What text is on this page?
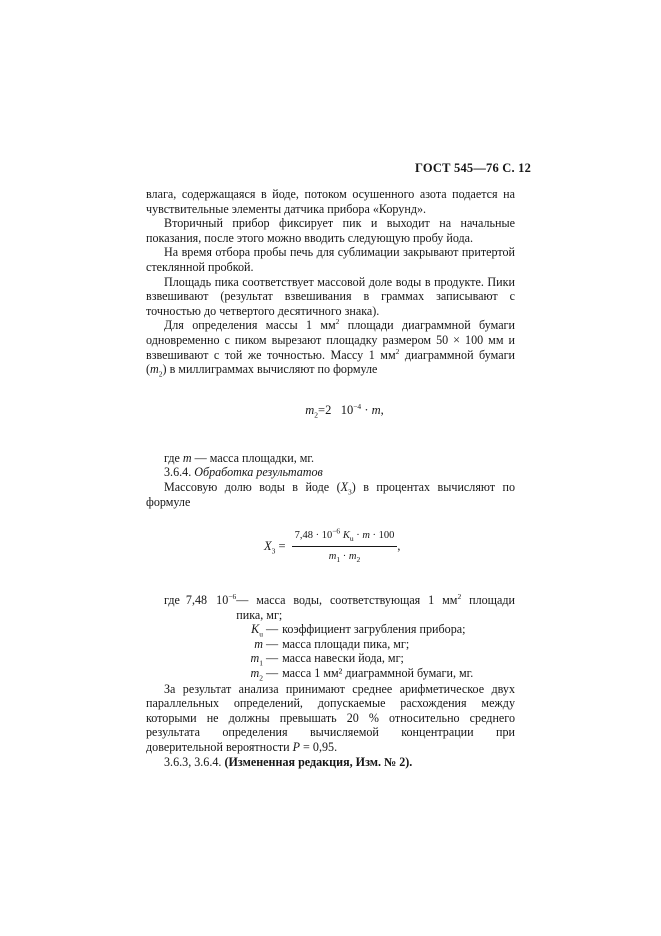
ГОСТ 545—76 С. 12

влага, содержащаяся в йоде, потоком осушенного азота подается на чувствительные элементы датчика прибора «Корунд».

Вторичный прибор фиксирует пик и выходит на начальные показания, после этого можно вводить следующую пробу йода.

На время отбора пробы печь для сублимации закрывают притертой стеклянной пробкой.

Площадь пика соответствует массовой доле воды в продукте. Пики взвешивают (результат взвешивания в граммах записывают с точностью до четвертого десятичного знака).

Для определения массы 1 $мм^2$ площади диаграммной бумаги одновременно с пиком вырезают площадку размером 50 × 100 мм и взвешивают с той же точностью. Массу 1 $мм^2$ диаграммной бумаги $(m_2)$ в миллиграммах вычисляют по формуле

$m_2=2$   $10^{-4} \cdot m$,

где m — масса площадки, мг.

3.6.4. Обработка результатов

Массовую долю воды в йоде $(X_3)$ в процентах вычисляют по формуле

$X_3 = \frac{7,48 \cdot 10^{-6} K_u \cdot m \cdot 100}{m_1 \cdot m_2}$ ,
где  7,48   $10^{-6}$ — масса воды, соответствующая 1 $мм^2$ площади пика, мг;
$K_u$ — коэффициент загрубления прибора;
m — масса площади пика, мг;
$m_1$ — масса навески йода, мг;
$m_2$ — масса 1 мм² диаграммной бумаги, мг.

За результат анализа принимают среднее арифметическое двух параллельных определений, допускаемые расхождения между которыми не должны превышать 20 % относительно среднего результата определения вычисляемой концентрации при доверительной вероятности P = 0,95.

3.6.3, 3.6.4. (Измененная редакция, Изм. № 2).
